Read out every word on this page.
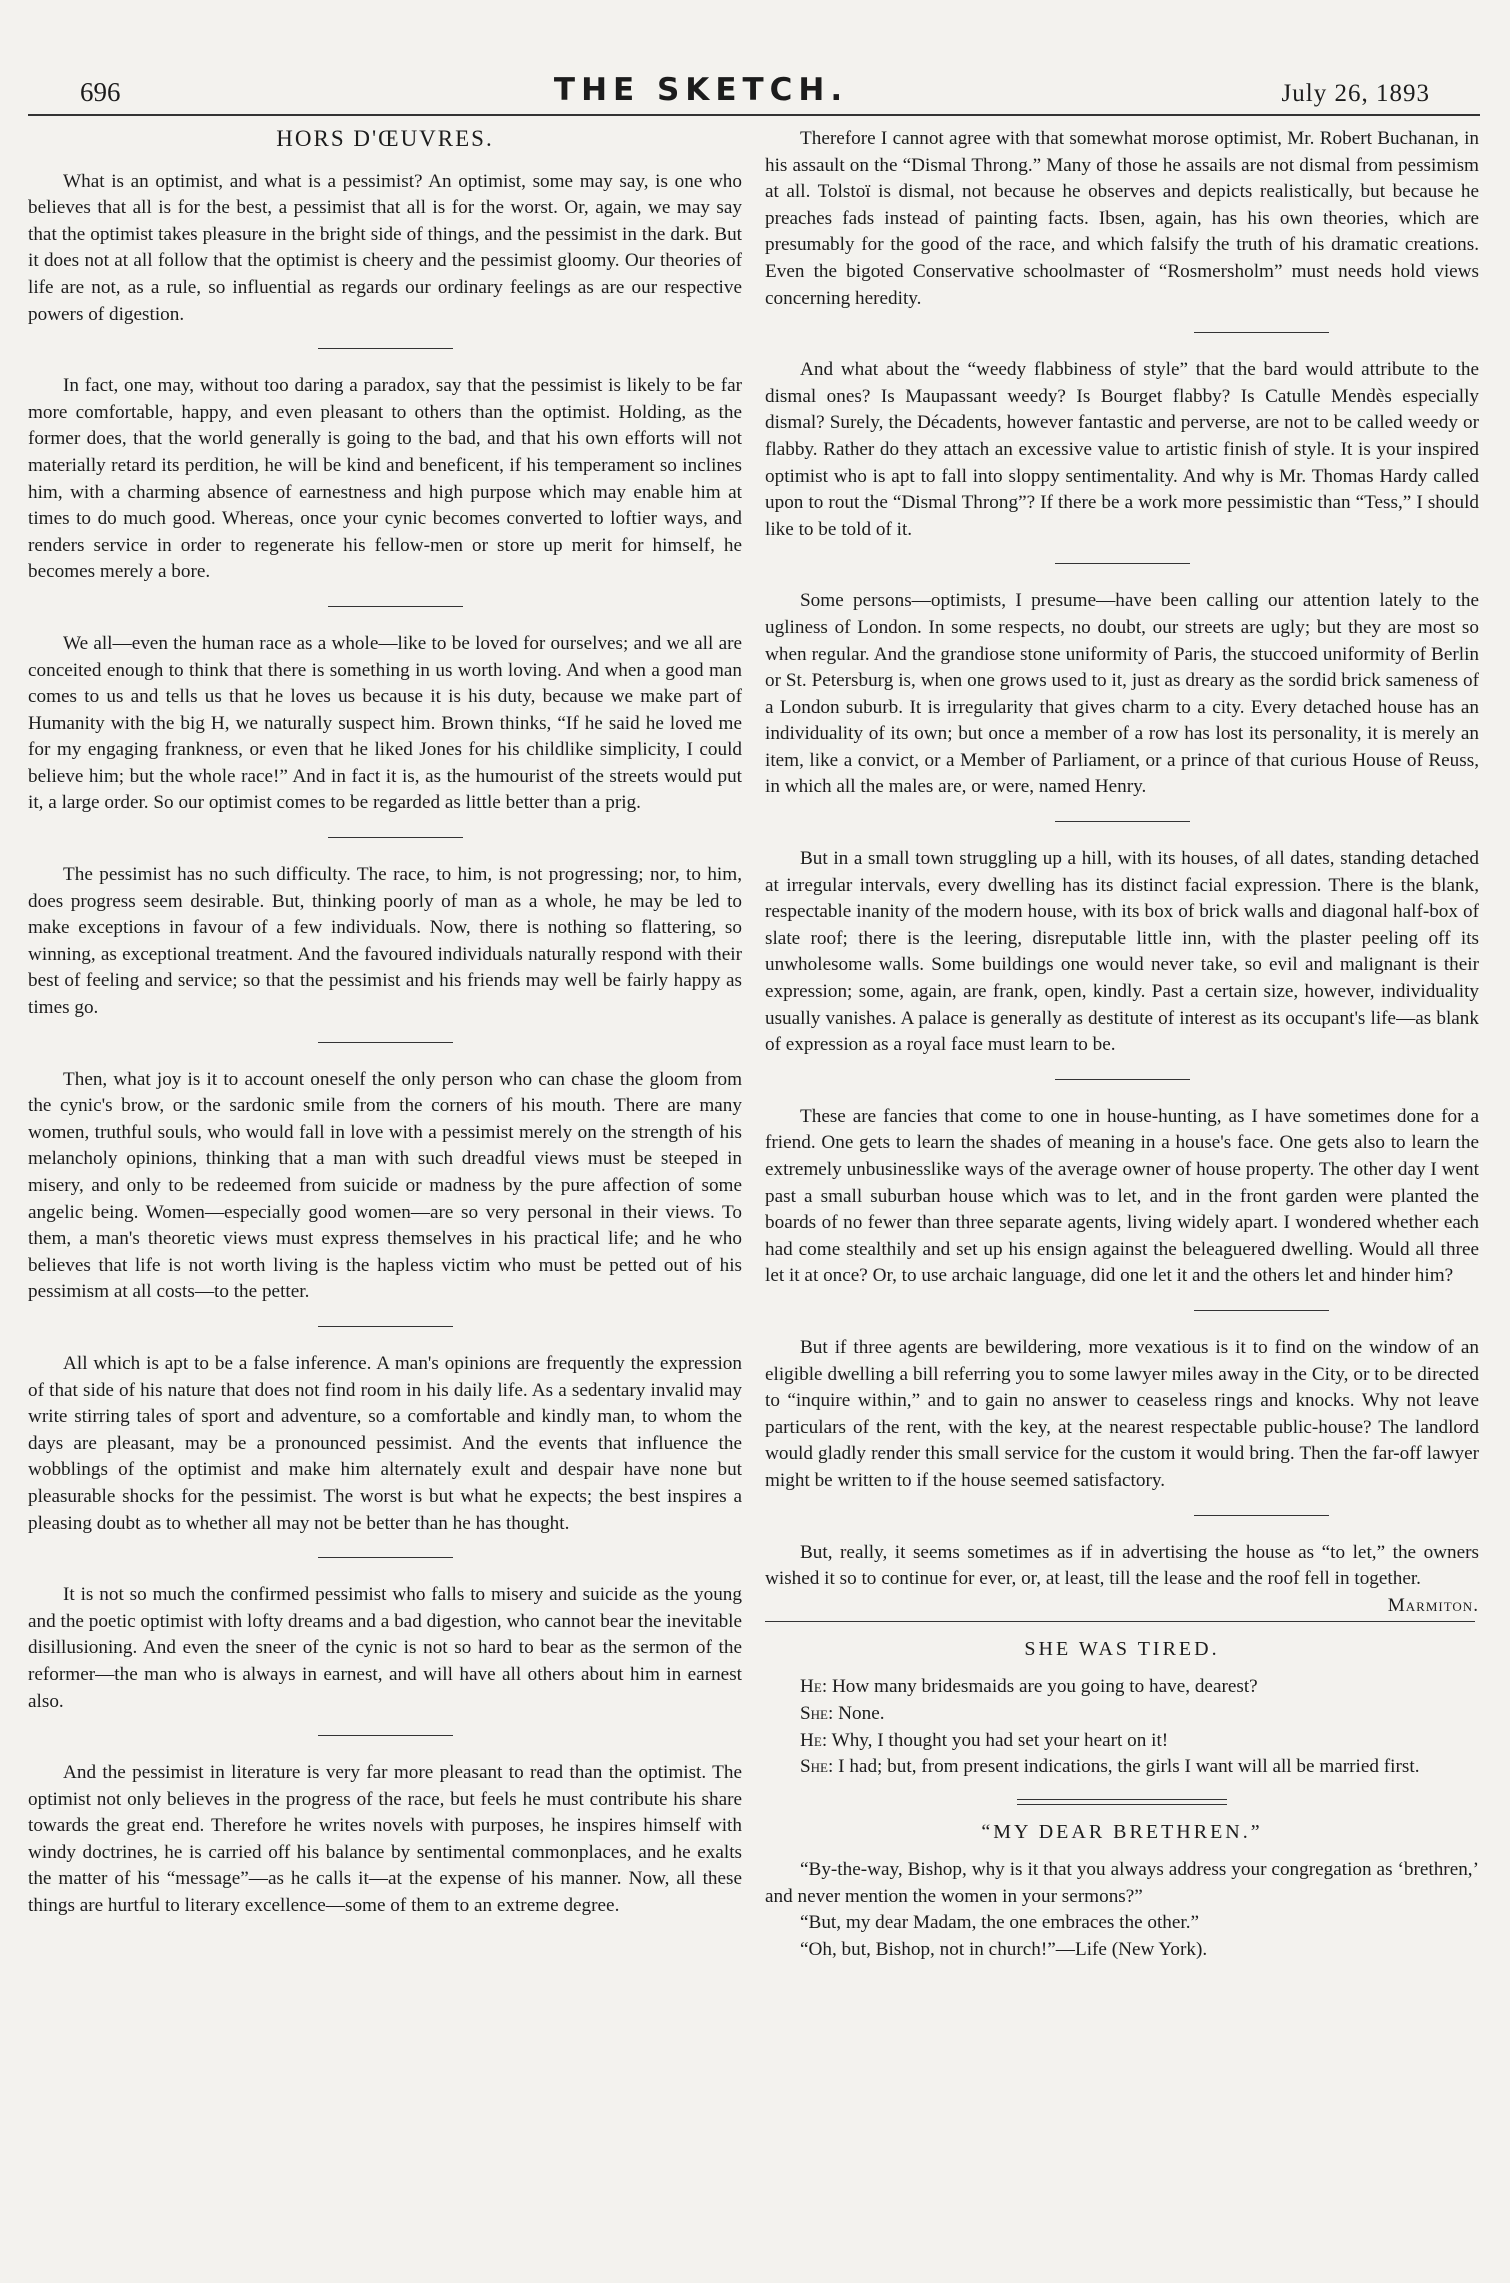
696	THE SKETCH.	July 26, 1893
HORS D'ŒUVRES.

What is an optimist, and what is a pessimist? An optimist, some may say, is one who believes that all is for the best, a pessimist that all is for the worst. Or, again, we may say that the optimist takes pleasure in the bright side of things, and the pessimist in the dark. But it does not at all follow that the optimist is cheery and the pessimist gloomy. Our theories of life are not, as a rule, so influential as regards our ordinary feelings as are our respective powers of digestion.

In fact, one may, without too daring a paradox, say that the pessimist is likely to be far more comfortable, happy, and even pleasant to others than the optimist. Holding, as the former does, that the world generally is going to the bad, and that his own efforts will not materially retard its perdition, he will be kind and beneficent, if his temperament so inclines him, with a charming absence of earnestness and high purpose which may enable him at times to do much good. Whereas, once your cynic becomes converted to loftier ways, and renders service in order to regenerate his fellow-men or store up merit for himself, he becomes merely a bore.

We all—even the human race as a whole—like to be loved for ourselves; and we all are conceited enough to think that there is something in us worth loving. And when a good man comes to us and tells us that he loves us because it is his duty, because we make part of Humanity with the big H, we naturally suspect him. Brown thinks, “If he said he loved me for my engaging frankness, or even that he liked Jones for his childlike simplicity, I could believe him; but the whole race!” And in fact it is, as the humourist of the streets would put it, a large order. So our optimist comes to be regarded as little better than a prig.

The pessimist has no such difficulty. The race, to him, is not progressing; nor, to him, does progress seem desirable. But, thinking poorly of man as a whole, he may be led to make exceptions in favour of a few individuals. Now, there is nothing so flattering, so winning, as exceptional treatment. And the favoured individuals naturally respond with their best of feeling and service; so that the pessimist and his friends may well be fairly happy as times go.

Then, what joy is it to account oneself the only person who can chase the gloom from the cynic's brow, or the sardonic smile from the corners of his mouth. There are many women, truthful souls, who would fall in love with a pessimist merely on the strength of his melancholy opinions, thinking that a man with such dreadful views must be steeped in misery, and only to be redeemed from suicide or madness by the pure affection of some angelic being. Women—especially good women—are so very personal in their views. To them, a man's theoretic views must express themselves in his practical life; and he who believes that life is not worth living is the hapless victim who must be petted out of his pessimism at all costs—to the petter.

All which is apt to be a false inference. A man's opinions are frequently the expression of that side of his nature that does not find room in his daily life. As a sedentary invalid may write stirring tales of sport and adventure, so a comfortable and kindly man, to whom the days are pleasant, may be a pronounced pessimist. And the events that influence the wobblings of the optimist and make him alternately exult and despair have none but pleasurable shocks for the pessimist. The worst is but what he expects; the best inspires a pleasing doubt as to whether all may not be better than he has thought.

It is not so much the confirmed pessimist who falls to misery and suicide as the young and the poetic optimist with lofty dreams and a bad digestion, who cannot bear the inevitable disillusioning. And even the sneer of the cynic is not so hard to bear as the sermon of the reformer—the man who is always in earnest, and will have all others about him in earnest also.

And the pessimist in literature is very far more pleasant to read than the optimist. The optimist not only believes in the progress of the race, but feels he must contribute his share towards the great end. Therefore he writes novels with purposes, he inspires himself with windy doctrines, he is carried off his balance by sentimental commonplaces, and he exalts the matter of his “message”—as he calls it—at the expense of his manner. Now, all these things are hurtful to literary excellence—some of them to an extreme degree.

Therefore I cannot agree with that somewhat morose optimist, Mr. Robert Buchanan, in his assault on the “Dismal Throng.” Many of those he assails are not dismal from pessimism at all. Tolstoï is dismal, not because he observes and depicts realistically, but because he preaches fads instead of painting facts. Ibsen, again, has his own theories, which are presumably for the good of the race, and which falsify the truth of his dramatic creations. Even the bigoted Conservative schoolmaster of “Rosmersholm” must needs hold views concerning heredity.

And what about the “weedy flabbiness of style” that the bard would attribute to the dismal ones? Is Maupassant weedy? Is Bourget flabby? Is Catulle Mendès especially dismal? Surely, the Décadents, however fantastic and perverse, are not to be called weedy or flabby. Rather do they attach an excessive value to artistic finish of style. It is your inspired optimist who is apt to fall into sloppy sentimentality. And why is Mr. Thomas Hardy called upon to rout the “Dismal Throng”? If there be a work more pessimistic than “Tess,” I should like to be told of it.

Some persons—optimists, I presume—have been calling our attention lately to the ugliness of London. In some respects, no doubt, our streets are ugly; but they are most so when regular. And the grandiose stone uniformity of Paris, the stuccoed uniformity of Berlin or St. Petersburg is, when one grows used to it, just as dreary as the sordid brick sameness of a London suburb. It is irregularity that gives charm to a city. Every detached house has an individuality of its own; but once a member of a row has lost its personality, it is merely an item, like a convict, or a Member of Parliament, or a prince of that curious House of Reuss, in which all the males are, or were, named Henry.

But in a small town struggling up a hill, with its houses, of all dates, standing detached at irregular intervals, every dwelling has its distinct facial expression. There is the blank, respectable inanity of the modern house, with its box of brick walls and diagonal half-box of slate roof; there is the leering, disreputable little inn, with the plaster peeling off its unwholesome walls. Some buildings one would never take, so evil and malignant is their expression; some, again, are frank, open, kindly. Past a certain size, however, individuality usually vanishes. A palace is generally as destitute of interest as its occupant's life—as blank of expression as a royal face must learn to be.

These are fancies that come to one in house-hunting, as I have sometimes done for a friend. One gets to learn the shades of meaning in a house's face. One gets also to learn the extremely unbusinesslike ways of the average owner of house property. The other day I went past a small suburban house which was to let, and in the front garden were planted the boards of no fewer than three separate agents, living widely apart. I wondered whether each had come stealthily and set up his ensign against the beleaguered dwelling. Would all three let it at once? Or, to use archaic language, did one let it and the others let and hinder him?

But if three agents are bewildering, more vexatious is it to find on the window of an eligible dwelling a bill referring you to some lawyer miles away in the City, or to be directed to “inquire within,” and to gain no answer to ceaseless rings and knocks. Why not leave particulars of the rent, with the key, at the nearest respectable public-house? The landlord would gladly render this small service for the custom it would bring. Then the far-off lawyer might be written to if the house seemed satisfactory.

But, really, it seems sometimes as if in advertising the house as “to let,” the owners wished it so to continue for ever, or, at least, till the lease and the roof fell in together.
Marmiton.

SHE WAS TIRED.

He: How many bridesmaids are you going to have, dearest?

She: None.

He: Why, I thought you had set your heart on it!

She: I had; but, from present indications, the girls I want will all be married first.

“MY DEAR BRETHREN.”

“By-the-way, Bishop, why is it that you always address your congregation as ‘brethren,’ and never mention the women in your sermons?”

“But, my dear Madam, the one embraces the other.”

“Oh, but, Bishop, not in church!”—Life (New York).
